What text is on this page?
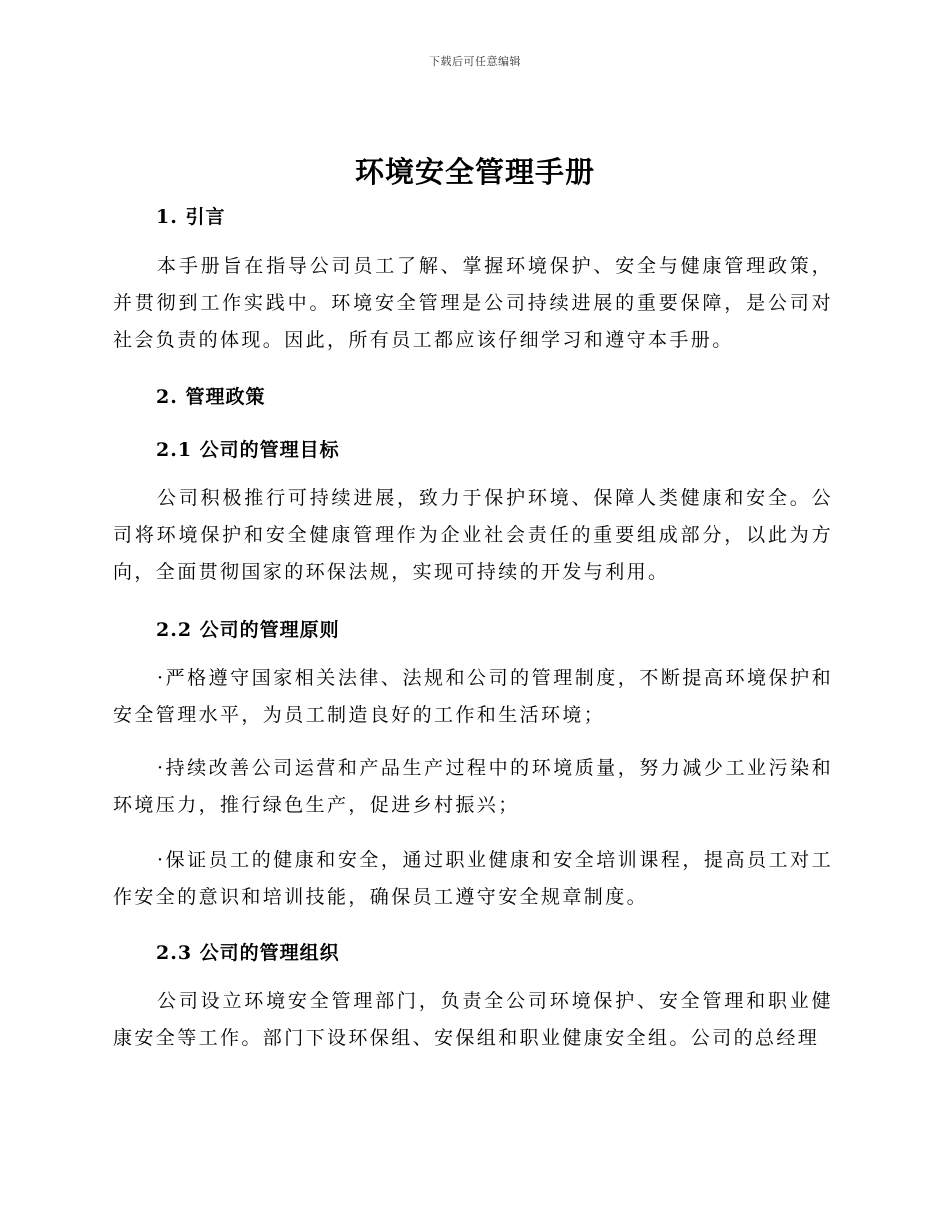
下载后可任意编辑
环境安全管理手册
1. 引言

本手册旨在指导公司员工了解、掌握环境保护、安全与健康管理政策，并贯彻到工作实践中。环境安全管理是公司持续进展的重要保障，是公司对社会负责的体现。因此，所有员工都应该仔细学习和遵守本手册。

2. 管理政策
2.1 公司的管理目标

公司积极推行可持续进展，致力于保护环境、保障人类健康和安全。公司将环境保护和安全健康管理作为企业社会责任的重要组成部分，以此为方向，全面贯彻国家的环保法规，实现可持续的开发与利用。

2.2 公司的管理原则

·严格遵守国家相关法律、法规和公司的管理制度，不断提高环境保护和安全管理水平，为员工制造良好的工作和生活环境；

·持续改善公司运营和产品生产过程中的环境质量，努力减少工业污染和环境压力，推行绿色生产，促进乡村振兴；

·保证员工的健康和安全，通过职业健康和安全培训课程，提高员工对工作安全的意识和培训技能，确保员工遵守安全规章制度。

2.3 公司的管理组织

公司设立环境安全管理部门，负责全公司环境保护、安全管理和职业健康安全等工作。部门下设环保组、安保组和职业健康安全组。公司的总经理
